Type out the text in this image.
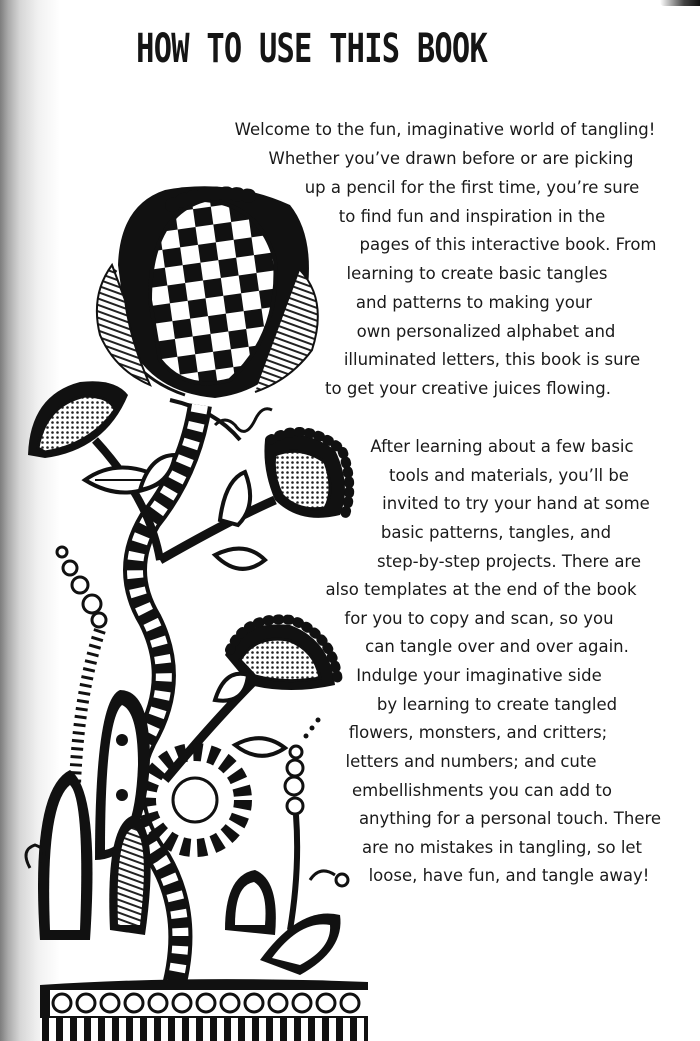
HOW TO USE THIS BOOK
Welcome to the fun, imaginative world of tangling!
Whether you’ve drawn before or are picking
up a pencil for the first time, you’re sure
to find fun and inspiration in the
pages of this interactive book. From
learning to create basic tangles
and patterns to making your
own personalized alphabet and
illuminated letters, this book is sure
to get your creative juices flowing.
After learning about a few basic
tools and materials, you’ll be
invited to try your hand at some
basic patterns, tangles, and
step-by-step projects. There are
also templates at the end of the book
for you to copy and scan, so you
can tangle over and over again.
Indulge your imaginative side
by learning to create tangled
flowers, monsters, and critters;
letters and numbers; and cute
embellishments you can add to
anything for a personal touch. There
are no mistakes in tangling, so let
loose, have fun, and tangle away!
